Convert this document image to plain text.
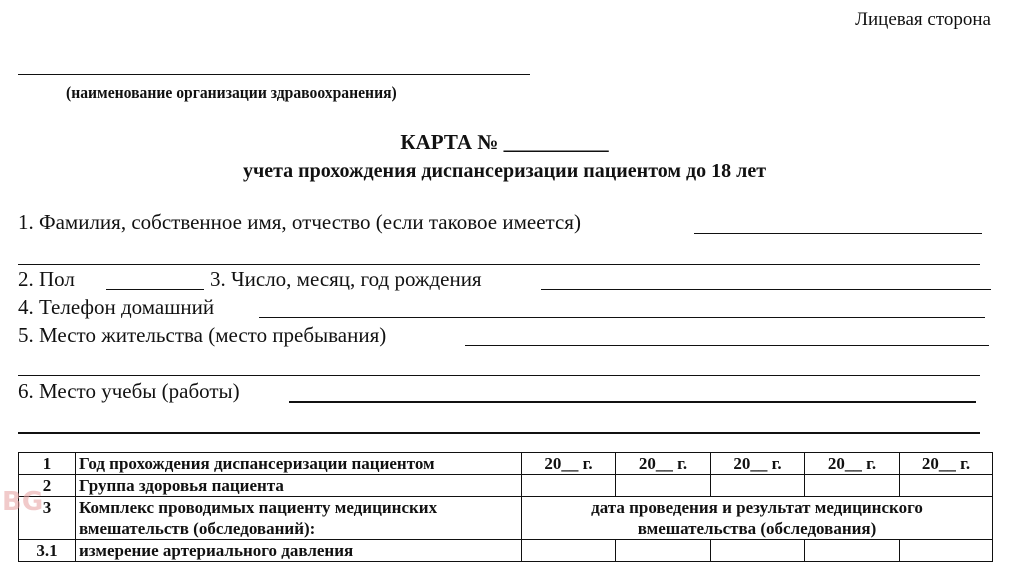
Лицевая сторона
(наименование организации здравоохранения)
КАРТА № __________
учета прохождения диспансеризации пациентом до 18 лет
1. Фамилия, собственное имя, отчество (если таковое имеется)
2. Пол	3. Число, месяц, год рождения
4. Телефон домашний
5. Место жительства (место пребывания)
6. Место учебы (работы)
1	Год прохождения диспансеризации пациентом	20__ г.	20__ г.	20__ г.	20__ г.	20__ г.
2	Группа здоровья пациента					
3	Комплекс проводимых пациенту медицинских вмешательств (обследований):	дата проведения и результат медицинского вмешательства (обследования)				
3.1	измерение артериального давления					
BG
